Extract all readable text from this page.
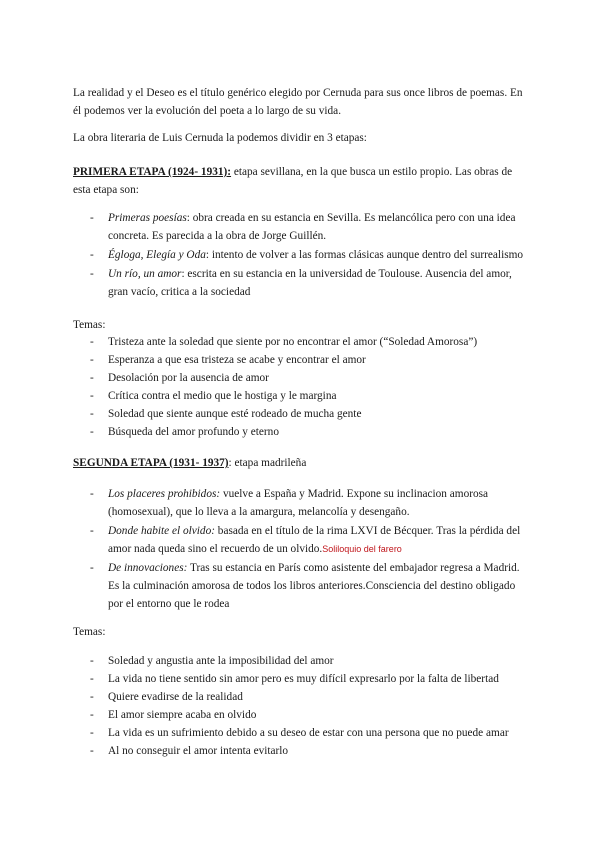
La realidad y el Deseo es el título genérico elegido por Cernuda para sus once libros de poemas. En él podemos ver la evolución del poeta a lo largo de su vida.

La obra literaria de Luis Cernuda la podemos dividir en 3 etapas:

PRIMERA ETAPA (1924- 1931): etapa sevillana, en la que busca un estilo propio. Las obras de esta etapa son:

- Primeras poesías: obra creada en su estancia en Sevilla. Es melancólica pero con una idea concreta. Es parecida a la obra de Jorge Guillén.
- Égloga, Elegía y Oda: intento de volver a las formas clásicas aunque dentro del surrealismo
- Un río, un amor: escrita en su estancia en la universidad de Toulouse. Ausencia del amor, gran vacío, critica a la sociedad

Temas:

- Tristeza ante la soledad que siente por no encontrar el amor (“Soledad Amorosa”)
- Esperanza a que esa tristeza se acabe y encontrar el amor
- Desolación por la ausencia de amor
- Crítica contra el medio que le hostiga y le margina
- Soledad que siente aunque esté rodeado de mucha gente
- Búsqueda del amor profundo y eterno

SEGUNDA ETAPA (1931- 1937): etapa madrileña

- Los placeres prohibidos: vuelve a España y Madrid. Expone su inclinacion amorosa (homosexual), que lo lleva a la amargura, melancolía y desengaño.
- Donde habite el olvido: basada en el título de la rima LXVI de Bécquer. Tras la pérdida del amor nada queda sino el recuerdo de un olvido.Soliloquio del farero
- De innovaciones: Tras su estancia en París como asistente del embajador regresa a Madrid. Es la culminación amorosa de todos los libros anteriores.Consciencia del destino obligado por el entorno que le rodea

Temas:

- Soledad y angustia ante la imposibilidad del amor
- La vida no tiene sentido sin amor pero es muy difícil expresarlo por la falta de libertad
- Quiere evadirse de la realidad
- El amor siempre acaba en olvido
- La vida es un sufrimiento debido a su deseo de estar con una persona que no puede amar
- Al no conseguir el amor intenta evitarlo
